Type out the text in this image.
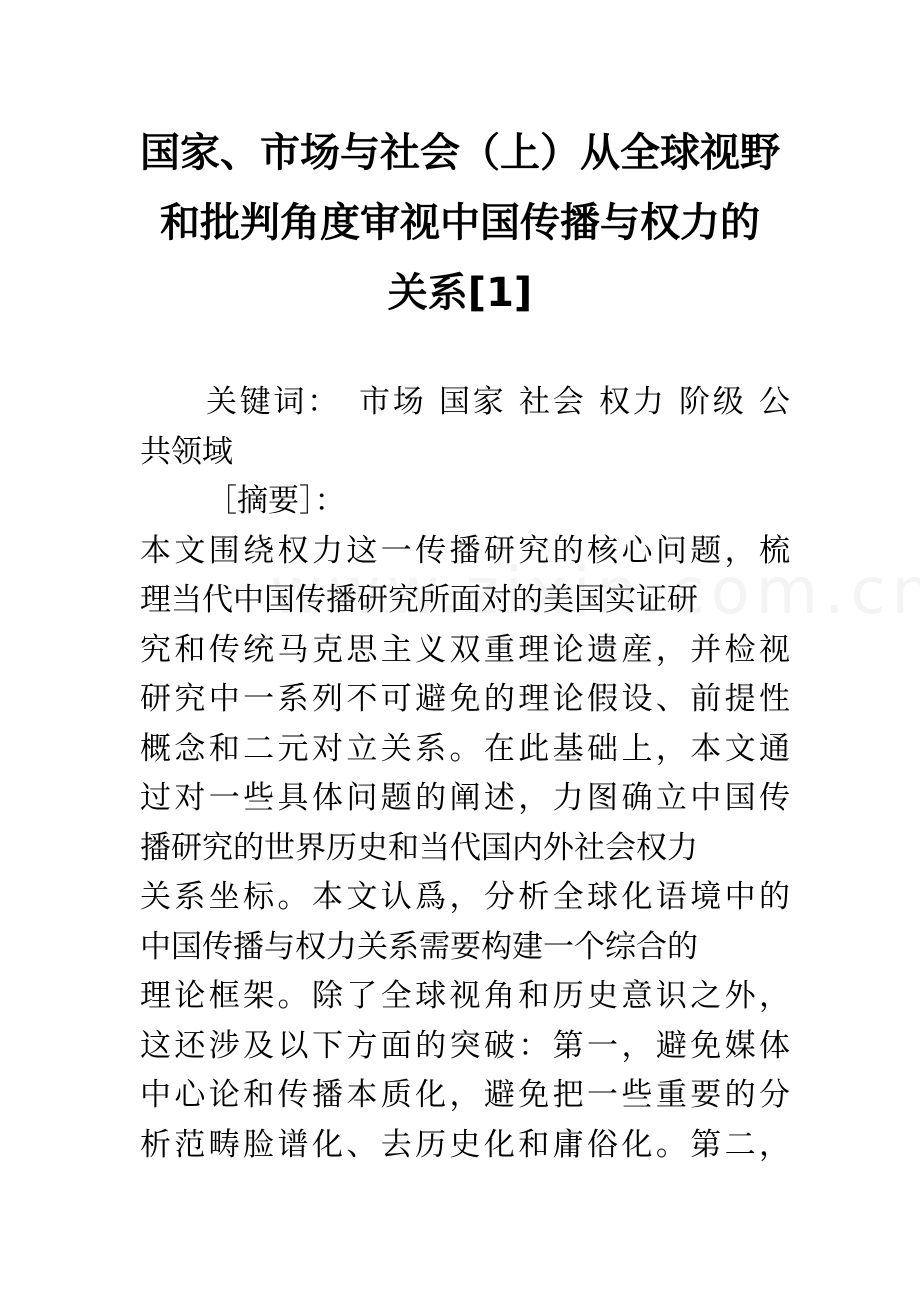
国家、市场与社会（上）从全球视野
和批判角度审视中国传播与权力的
关系[1]
关键词：　市场 国家 社会 权力 阶级 公
共领域
［摘要］：
本文围绕权力这一传播研究的核心问题，梳
理当代中国传播研究所面对的美国实证研
究和传统马克思主义双重理论遗産，并检视
研究中一系列不可避免的理论假设、前提性
概念和二元对立关系。在此基础上，本文通
过对一些具体问题的阐述，力图确立中国传
播研究的世界历史和当代国内外社会权力
关系坐标。本文认爲，分析全球化语境中的
中国传播与权力关系需要构建一个综合的
理论框架。除了全球视角和历史意识之外，
这还涉及以下方面的突破：第一，避免媒体
中心论和传播本质化，避免把一些重要的分
析范畴脸谱化、去历史化和庸俗化。第二，
